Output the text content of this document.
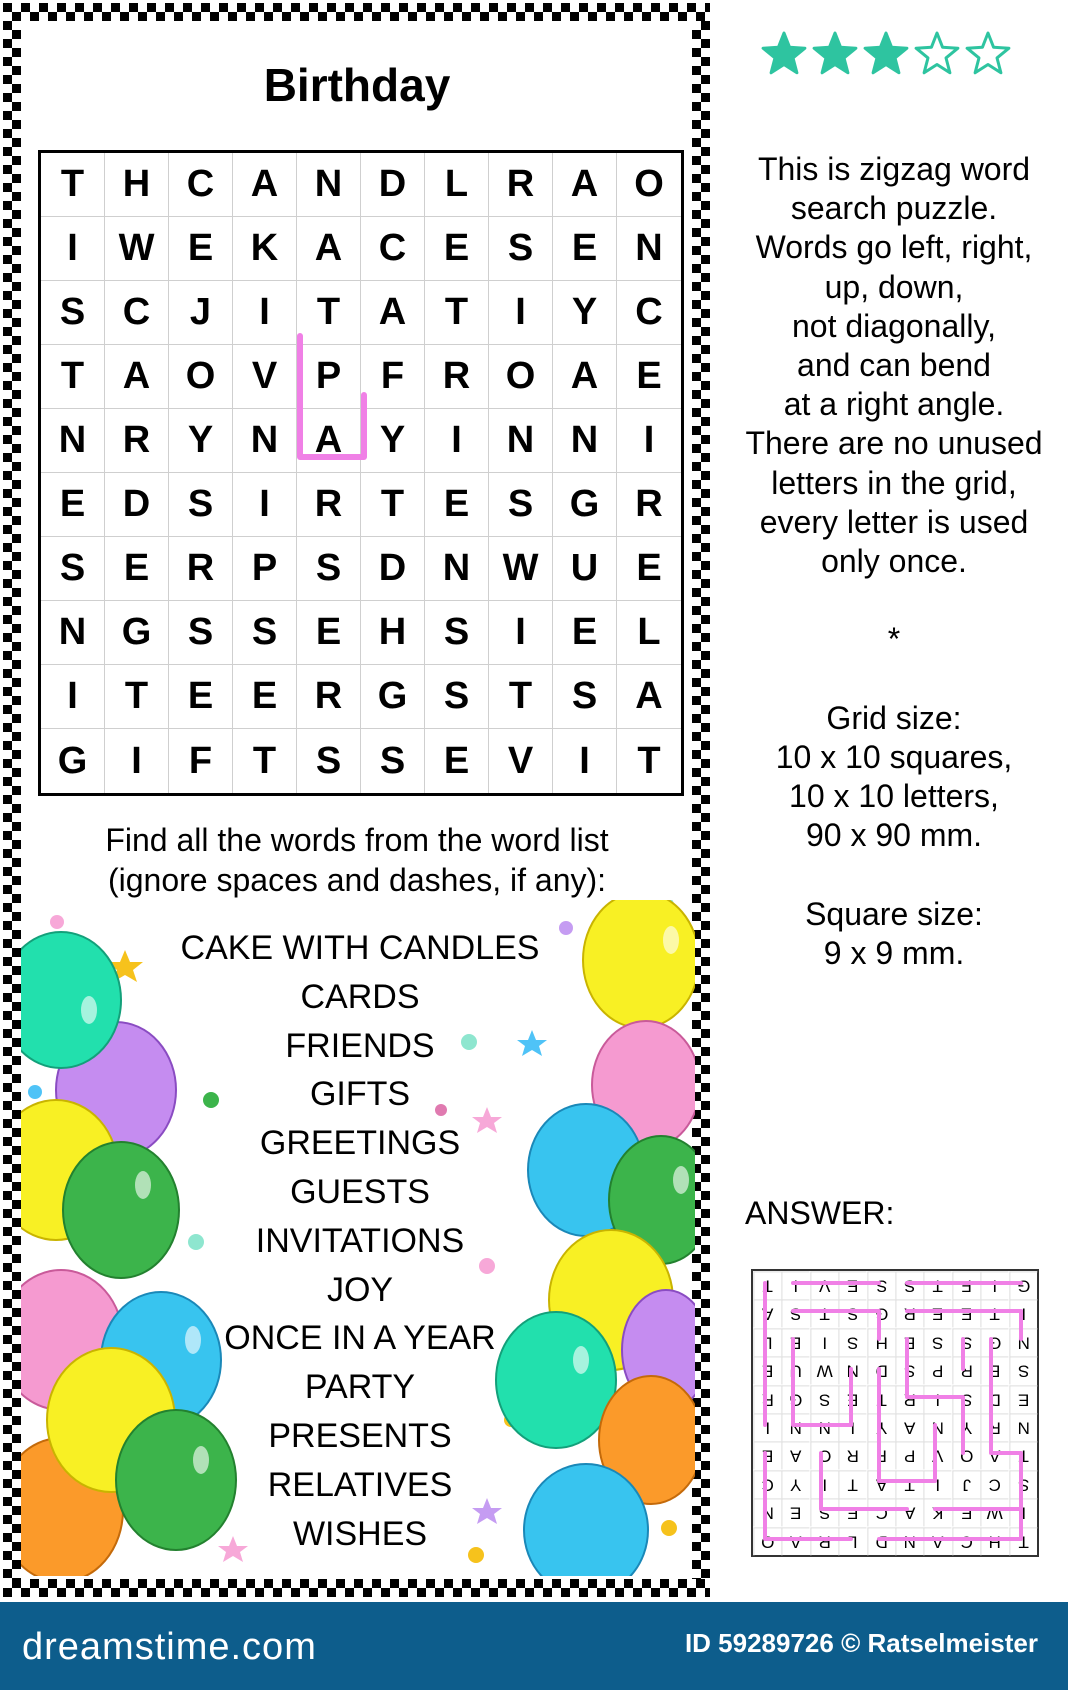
Birthday
T	H C A N D	L	R A O
I	W E K A C E	S	E	N
S C	J	I	T	A	T	I	Y	C
T	A O V	P	F	R O A	E
N R Y N A Y	I	N N	I
E D S	I	R	T	E	S G R
S	E R P	S D N W U	E
N G S	S	E H S	I	E	L
I	T	E	E R G S	T	S	A
G	I	F	T	S	S	E	V	I	T
Find all the words from the word list
(ignore spaces and dashes, if any):
CAKE WITH CANDLES
CARDS
FRIENDS
GIFTS
GREETINGS
GUESTS
INVITATIONS
JOY
ONCE IN A YEAR
PARTY
PRESENTS
RELATIVES
WISHES
This is zigzag word
search puzzle.
Words go left, right,
up, down,
not diagonally,
and can bend
at a right angle.
There are no unused
letters in the grid,
every letter is used
only once.
*
Grid size:
10 x 10 squares,
10 x 10 letters,
90 x 90 mm.
Square size:
9 x 9 mm.
ANSWER:
T	I	V	E	S	S	T	F	I	G
A	S	T	S G R E	E	T	I
L	E	I	S H E	S	S G N
E U W N D S	P R E	S
R G S	E	T	R	I	S D E
I	N N	I	Y	A N Y R N
E	A O R	F	P	V O A	T
C Y	I	T	A	T	I	J	C S
N E	S	E C A	K	E W	I
O A R	L	D N A C H	T
dreamstime.com	ID 59289726 © Ratselmeister
